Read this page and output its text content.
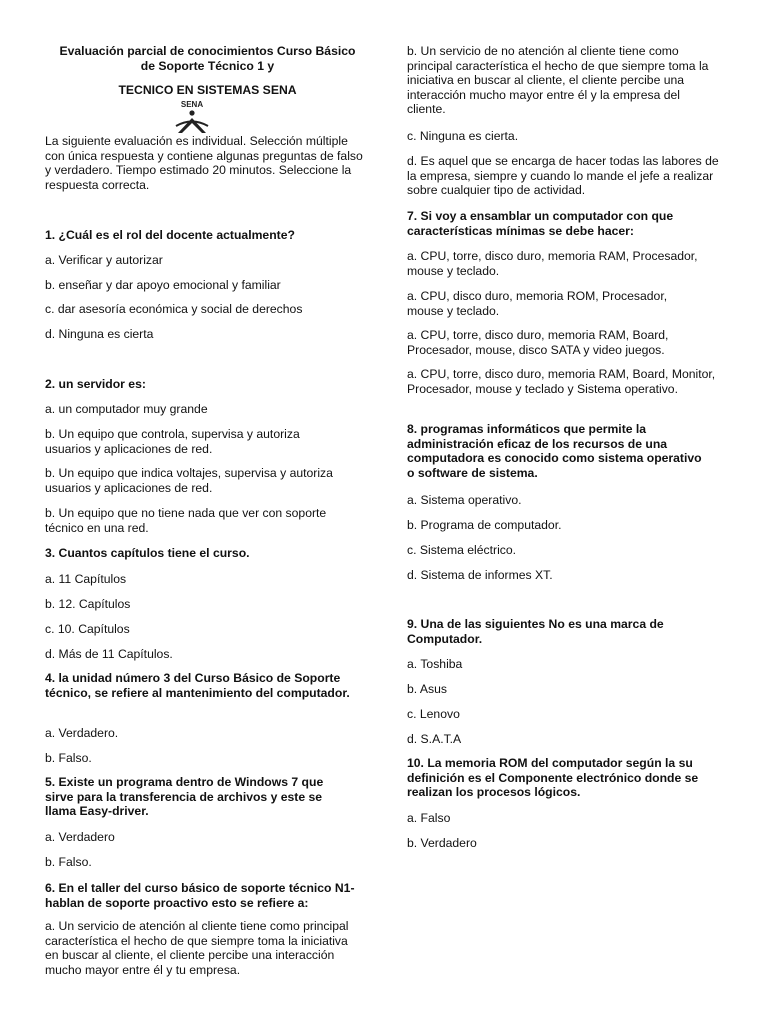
Evaluación parcial de conocimientos Curso Básico

de Soporte Técnico 1 y

TECNICO EN SISTEMAS SENA

SENA

La siguiente evaluación es individual. Selección múltiple con única respuesta y contiene algunas preguntas de falso y verdadero. Tiempo estimado 20 minutos. Seleccione la respuesta correcta.

1. ¿Cuál es el rol del docente actualmente?

a. Verificar y autorizar

b. enseñar y dar apoyo emocional y familiar

c. dar asesoría económica y social de derechos

d. Ninguna es cierta

2. un servidor es:

a. un computador muy grande

b. Un equipo que controla, supervisa y autoriza usuarios y aplicaciones de red.

b. Un equipo que indica voltajes, supervisa y autoriza usuarios y aplicaciones de red.

b. Un equipo que no tiene nada que ver con soporte técnico en una red.

3. Cuantos capítulos tiene el curso.

a. 11 Capítulos

b. 12. Capítulos

c. 10. Capítulos

d. Más de 11 Capítulos.

4. la unidad número 3 del Curso Básico de Soporte técnico, se refiere al mantenimiento del computador.

a. Verdadero.

b. Falso.

5. Existe un programa dentro de Windows 7 que sirve para la transferencia de archivos y este se llama Easy-driver.

a. Verdadero

b. Falso.

6. En el taller del curso básico de soporte técnico N1- hablan de soporte proactivo esto se refiere a:

a. Un servicio de atención al cliente tiene como principal característica el hecho de que siempre toma la iniciativa en buscar al cliente, el cliente percibe una interacción mucho mayor entre él y tu empresa.

b. Un servicio de no atención al cliente tiene como principal característica el hecho de que siempre toma la iniciativa en buscar al cliente, el cliente percibe una interacción mucho mayor entre él y la empresa del cliente.

c. Ninguna es cierta.

d. Es aquel que se encarga de hacer todas las labores de la empresa, siempre y cuando lo mande el jefe a realizar sobre cualquier tipo de actividad.

7. Si voy a ensamblar un computador con que características mínimas se debe hacer:

a. CPU, torre, disco duro, memoria RAM, Procesador, mouse y teclado.

a. CPU, disco duro, memoria ROM, Procesador, mouse y teclado.

a. CPU, torre, disco duro, memoria RAM, Board, Procesador, mouse, disco SATA y video juegos.

a. CPU, torre, disco duro, memoria RAM, Board, Monitor, Procesador, mouse y teclado y Sistema operativo.

8. programas informáticos que permite la administración eficaz de los recursos de una computadora es conocido como sistema operativo o software de sistema.

a. Sistema operativo.

b. Programa de computador.

c. Sistema eléctrico.

d. Sistema de informes XT.

9. Una de las siguientes No es una marca de Computador.

a. Toshiba

b. Asus

c. Lenovo

d. S.A.T.A

10. La memoria ROM del computador según la su definición es el Componente electrónico donde se realizan los procesos lógicos.

a. Falso

b. Verdadero
